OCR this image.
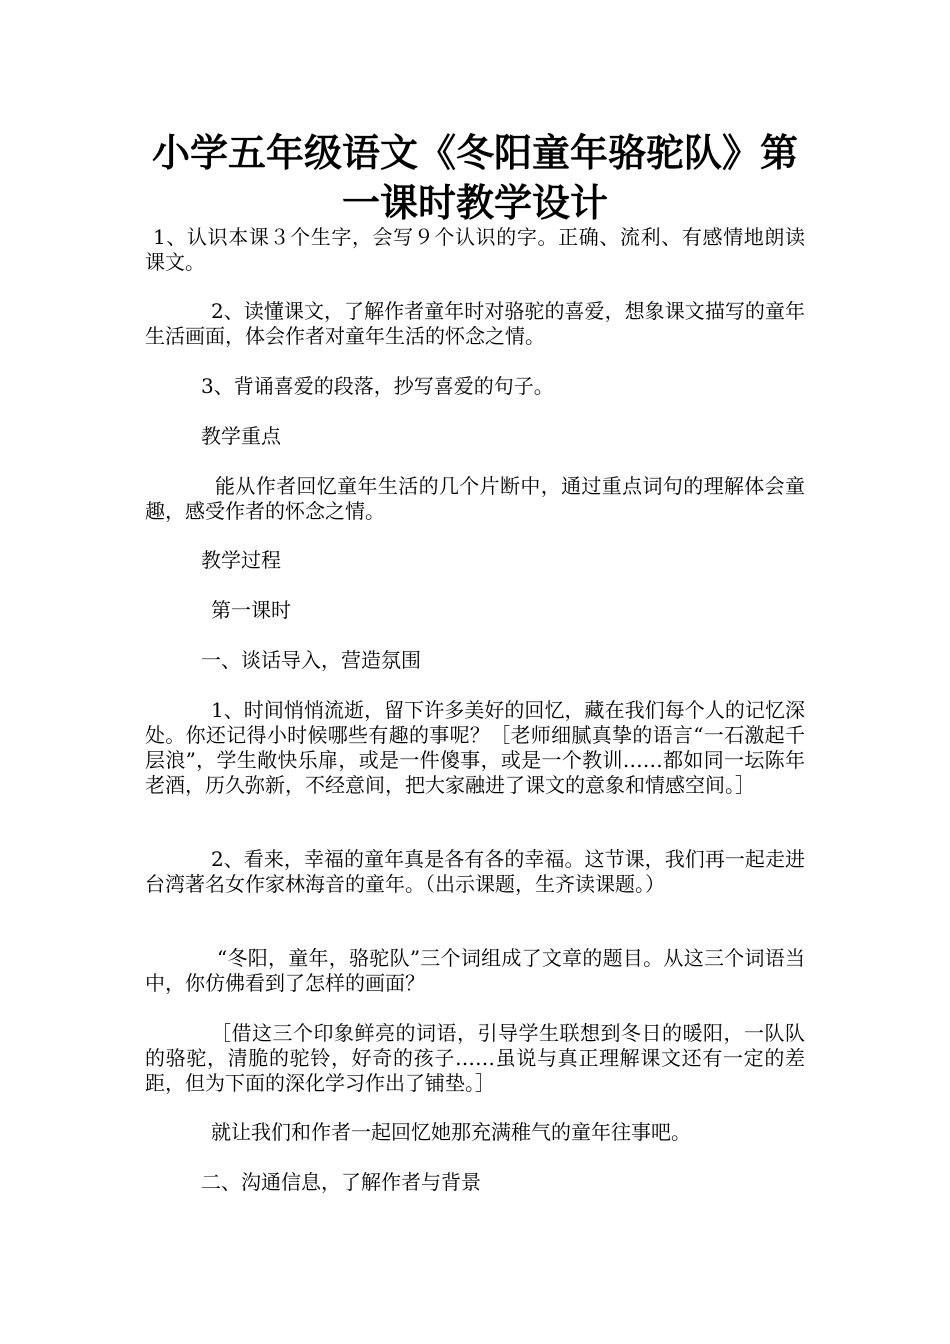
小学五年级语文《冬阳童年骆驼队》第一课时教学设计

1、认识本课３个生字，会写９个认识的字。正确、流利、有感情地朗读课文。

2、读懂课文，了解作者童年时对骆驼的喜爱，想象课文描写的童年生活画面，体会作者对童年生活的怀念之情。

3、背诵喜爱的段落，抄写喜爱的句子。

教学重点

能从作者回忆童年生活的几个片断中，通过重点词句的理解体会童趣，感受作者的怀念之情。

教学过程

第一课时

一、谈话导入，营造氛围

1、时间悄悄流逝，留下许多美好的回忆，藏在我们每个人的记忆深处。你还记得小时候哪些有趣的事呢？［老师细腻真挚的语言“一石激起千层浪”，学生敞快乐扉，或是一件傻事，或是一个教训……都如同一坛陈年老酒，历久弥新，不经意间，把大家融进了课文的意象和情感空间。］

2、看来，幸福的童年真是各有各的幸福。这节课，我们再一起走进台湾著名女作家林海音的童年。（出示课题，生齐读课题。）

“冬阳，童年，骆驼队”三个词组成了文章的题目。从这三个词语当中，你仿佛看到了怎样的画面？

［借这三个印象鲜亮的词语，引导学生联想到冬日的暖阳，一队队的骆驼，清脆的驼铃，好奇的孩子……虽说与真正理解课文还有一定的差距，但为下面的深化学习作出了铺垫。］

就让我们和作者一起回忆她那充满稚气的童年往事吧。

二、沟通信息，了解作者与背景
